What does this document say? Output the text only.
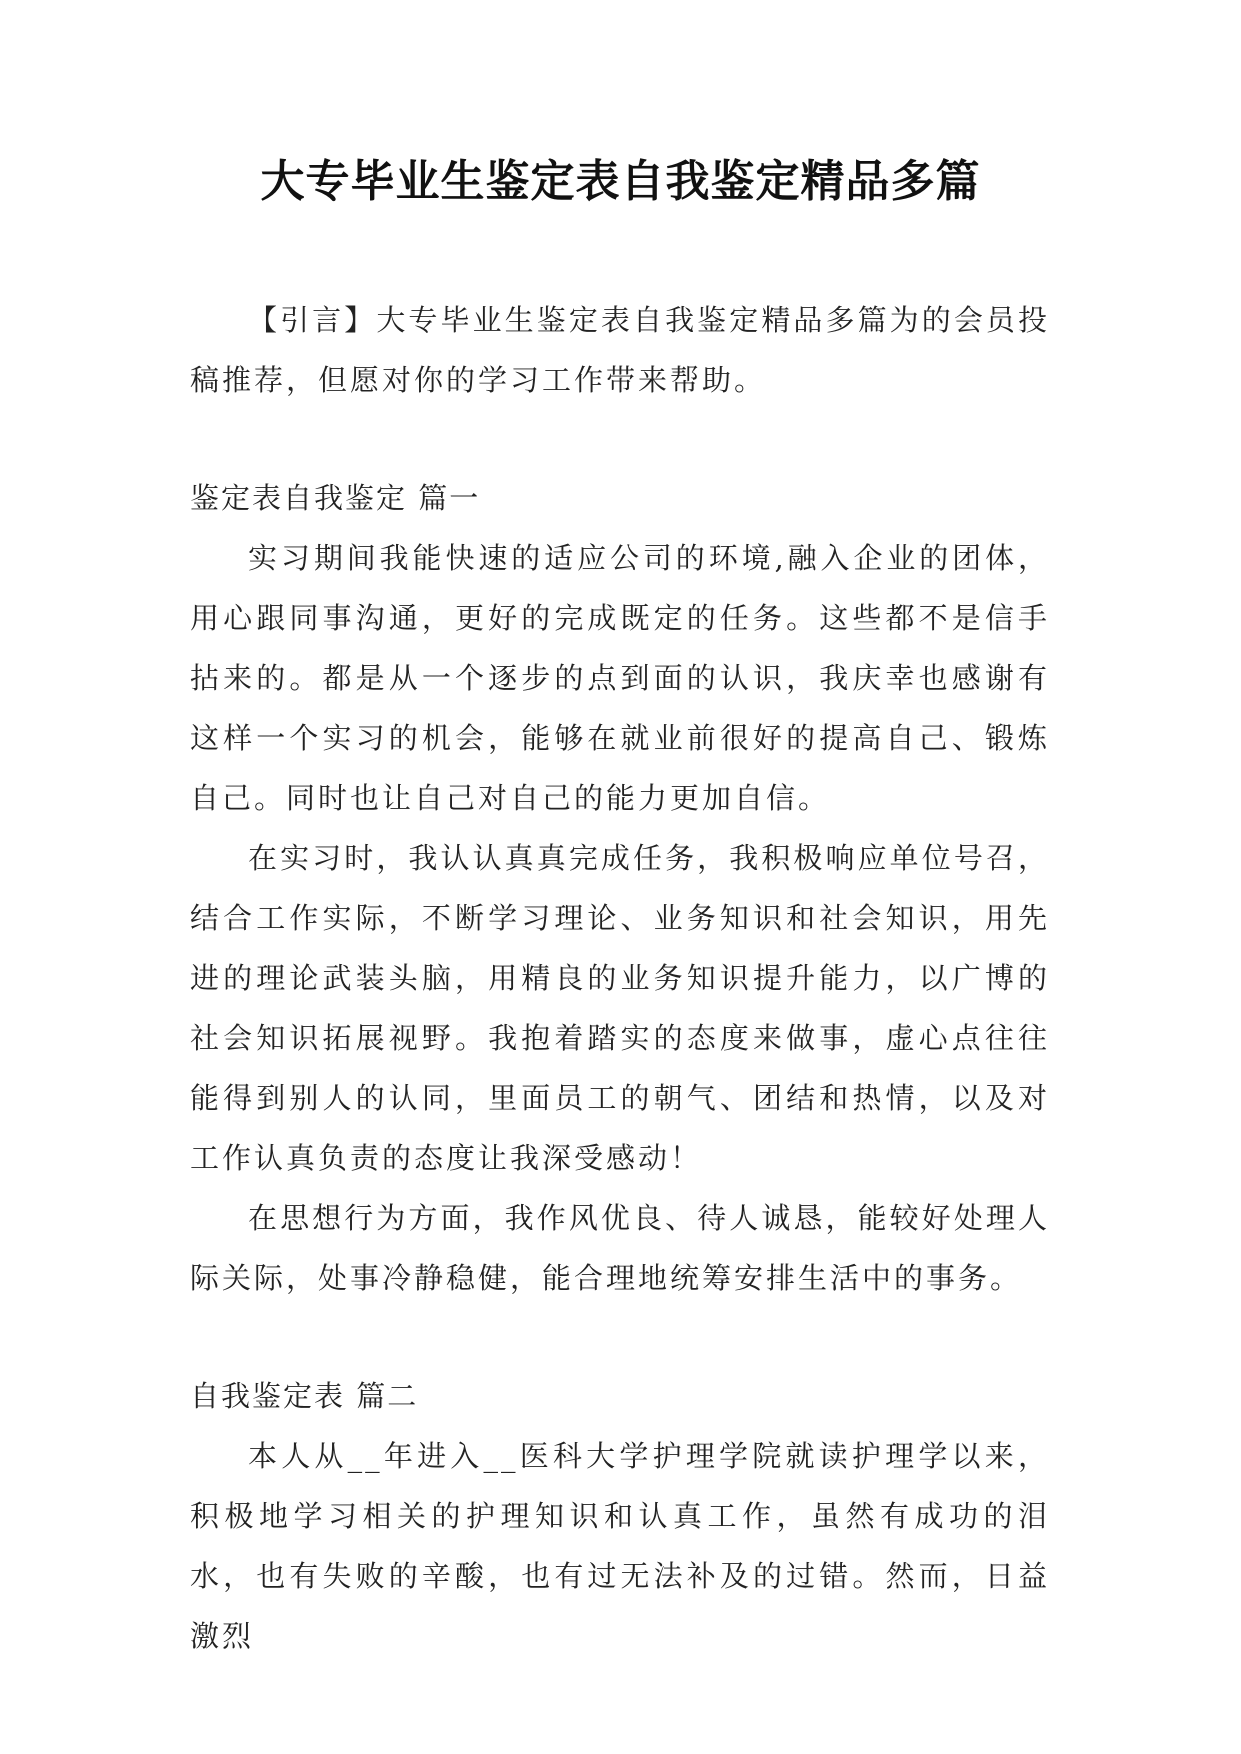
大专毕业生鉴定表自我鉴定精品多篇

【引言】大专毕业生鉴定表自我鉴定精品多篇为的会员投稿推荐，但愿对你的学习工作带来帮助。

鉴定表自我鉴定 篇一

实习期间我能快速的适应公司的环境,融入企业的团体，用心跟同事沟通，更好的完成既定的任务。这些都不是信手拈来的。都是从一个逐步的点到面的认识，我庆幸也感谢有这样一个实习的机会，能够在就业前很好的提高自己、锻炼自己。同时也让自己对自己的能力更加自信。

在实习时，我认认真真完成任务，我积极响应单位号召，结合工作实际，不断学习理论、业务知识和社会知识，用先进的理论武装头脑，用精良的业务知识提升能力，以广博的社会知识拓展视野。我抱着踏实的态度来做事，虚心点往往能得到别人的认同，里面员工的朝气、团结和热情，以及对工作认真负责的态度让我深受感动！

在思想行为方面，我作风优良、待人诚恳，能较好处理人际关际，处事冷静稳健，能合理地统筹安排生活中的事务。

自我鉴定表 篇二

本人从__年进入__医科大学护理学院就读护理学以来，积极地学习相关的护理知识和认真工作，虽然有成功的泪水，也有失败的辛酸，也有过无法补及的过错。然而，日益激烈
